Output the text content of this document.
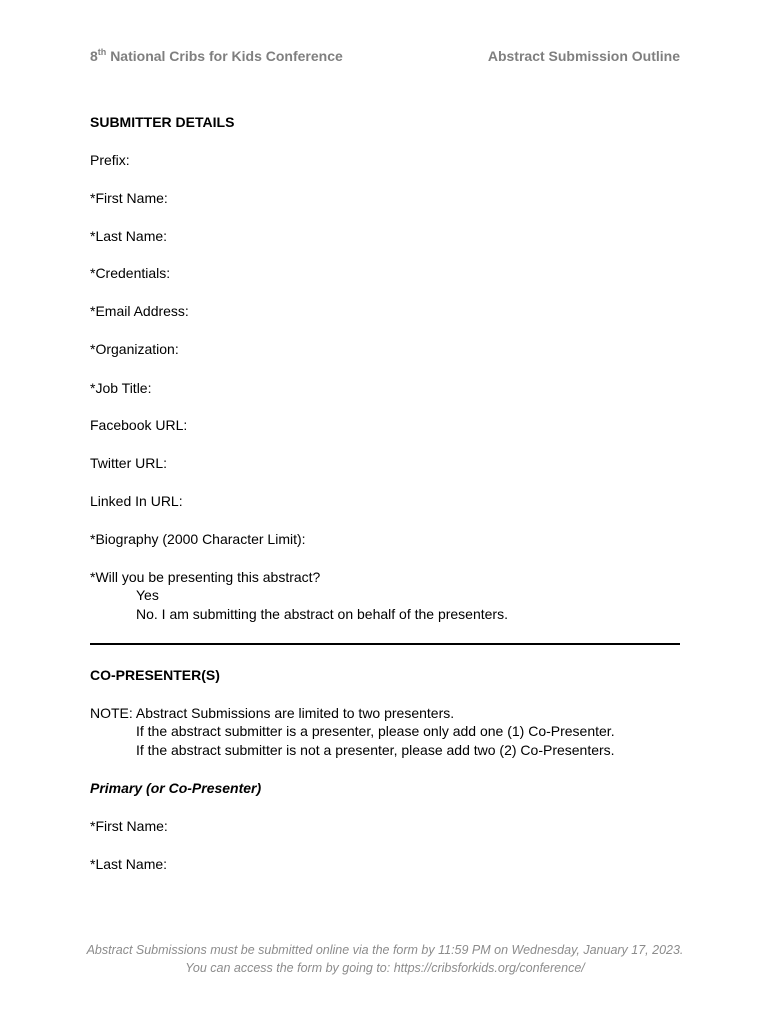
8th National Cribs for Kids Conference	Abstract Submission Outline
SUBMITTER DETAILS
Prefix:
*First Name:
*Last Name:
*Credentials:
*Email Address:
*Organization:
*Job Title:
Facebook URL:
Twitter URL:
Linked In URL:
*Biography (2000 Character Limit):
*Will you be presenting this abstract?
Yes
No. I am submitting the abstract on behalf of the presenters.
CO-PRESENTER(S)
NOTE: Abstract Submissions are limited to two presenters.
If the abstract submitter is a presenter, please only add one (1) Co-Presenter.
If the abstract submitter is not a presenter, please add two (2) Co-Presenters.
Primary (or Co-Presenter)
*First Name:
*Last Name:
Abstract Submissions must be submitted online via the form by 11:59 PM on Wednesday, January 17, 2023.
You can access the form by going to: https://cribsforkids.org/conference/
